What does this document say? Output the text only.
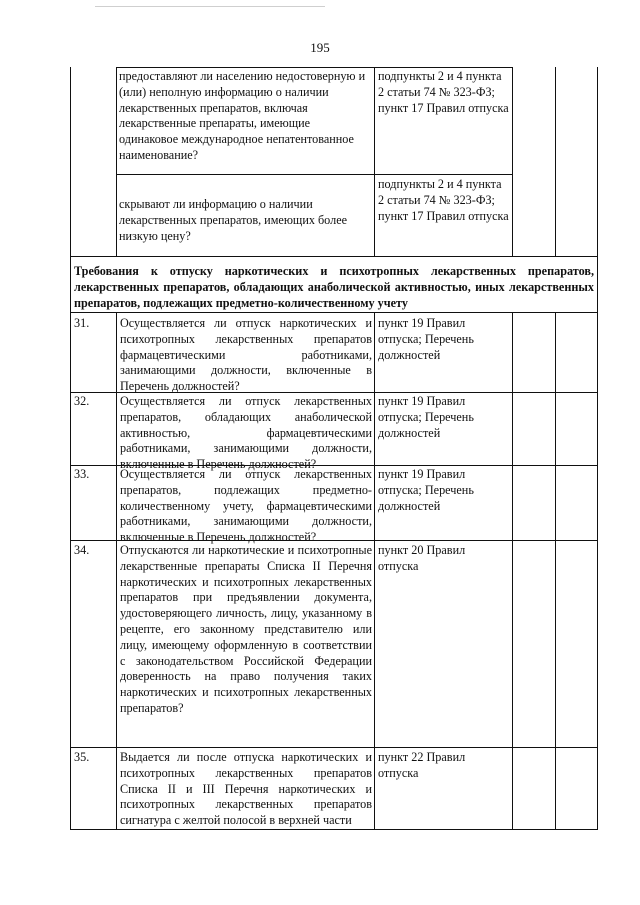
195
предоставляют ли населению недостоверную и (или) неполную информацию о наличии лекарственных препаратов, включая лекарственные препараты, имеющие одинаковое международное непатентованное наименование?
подпункты 2 и 4 пункта 2 статьи 74 № 323-ФЗ; пункт 17 Правил отпуска
скрывают ли информацию о наличии лекарственных препаратов, имеющих более низкую цену?
подпункты 2 и 4 пункта 2 статьи 74 № 323-ФЗ; пункт 17 Правил отпуска
Требования к отпуску наркотических и психотропных лекарственных препаратов, лекарственных препаратов, обладающих анаболической активностью, иных лекарственных препаратов, подлежащих предметно-количественному учету
31.	Осуществляется ли отпуск наркотических и психотропных лекарственных препаратов фармацевтическими работниками, занимающими должности, включенные в Перечень должностей?
пункт 19 Правил отпуска; Перечень должностей
32.	Осуществляется ли отпуск лекарственных препаратов, обладающих анаболической активностью, фармацевтическими работниками, занимающими должности, включенные в Перечень должностей?
пункт 19 Правил отпуска; Перечень должностей
33.	Осуществляется ли отпуск лекарственных препаратов, подлежащих предметно-количественному учету, фармацевтическими работниками, занимающими должности, включенные в Перечень должностей?
пункт 19 Правил отпуска; Перечень должностей
34.	Отпускаются ли наркотические и психотропные лекарственные препараты Списка II Перечня наркотических и психотропных лекарственных препаратов при предъявлении документа, удостоверяющего личность, лицу, указанному в рецепте, его законному представителю или лицу, имеющему оформленную в соответствии с законодательством Российской Федерации доверенность на право получения таких наркотических и психотропных лекарственных препаратов?
пункт 20 Правил отпуска
35.	Выдается ли после отпуска наркотических и психотропных лекарственных препаратов Списка II и III Перечня наркотических и психотропных лекарственных препаратов сигнатура с желтой полосой в верхней части
пункт 22 Правил отпуска
